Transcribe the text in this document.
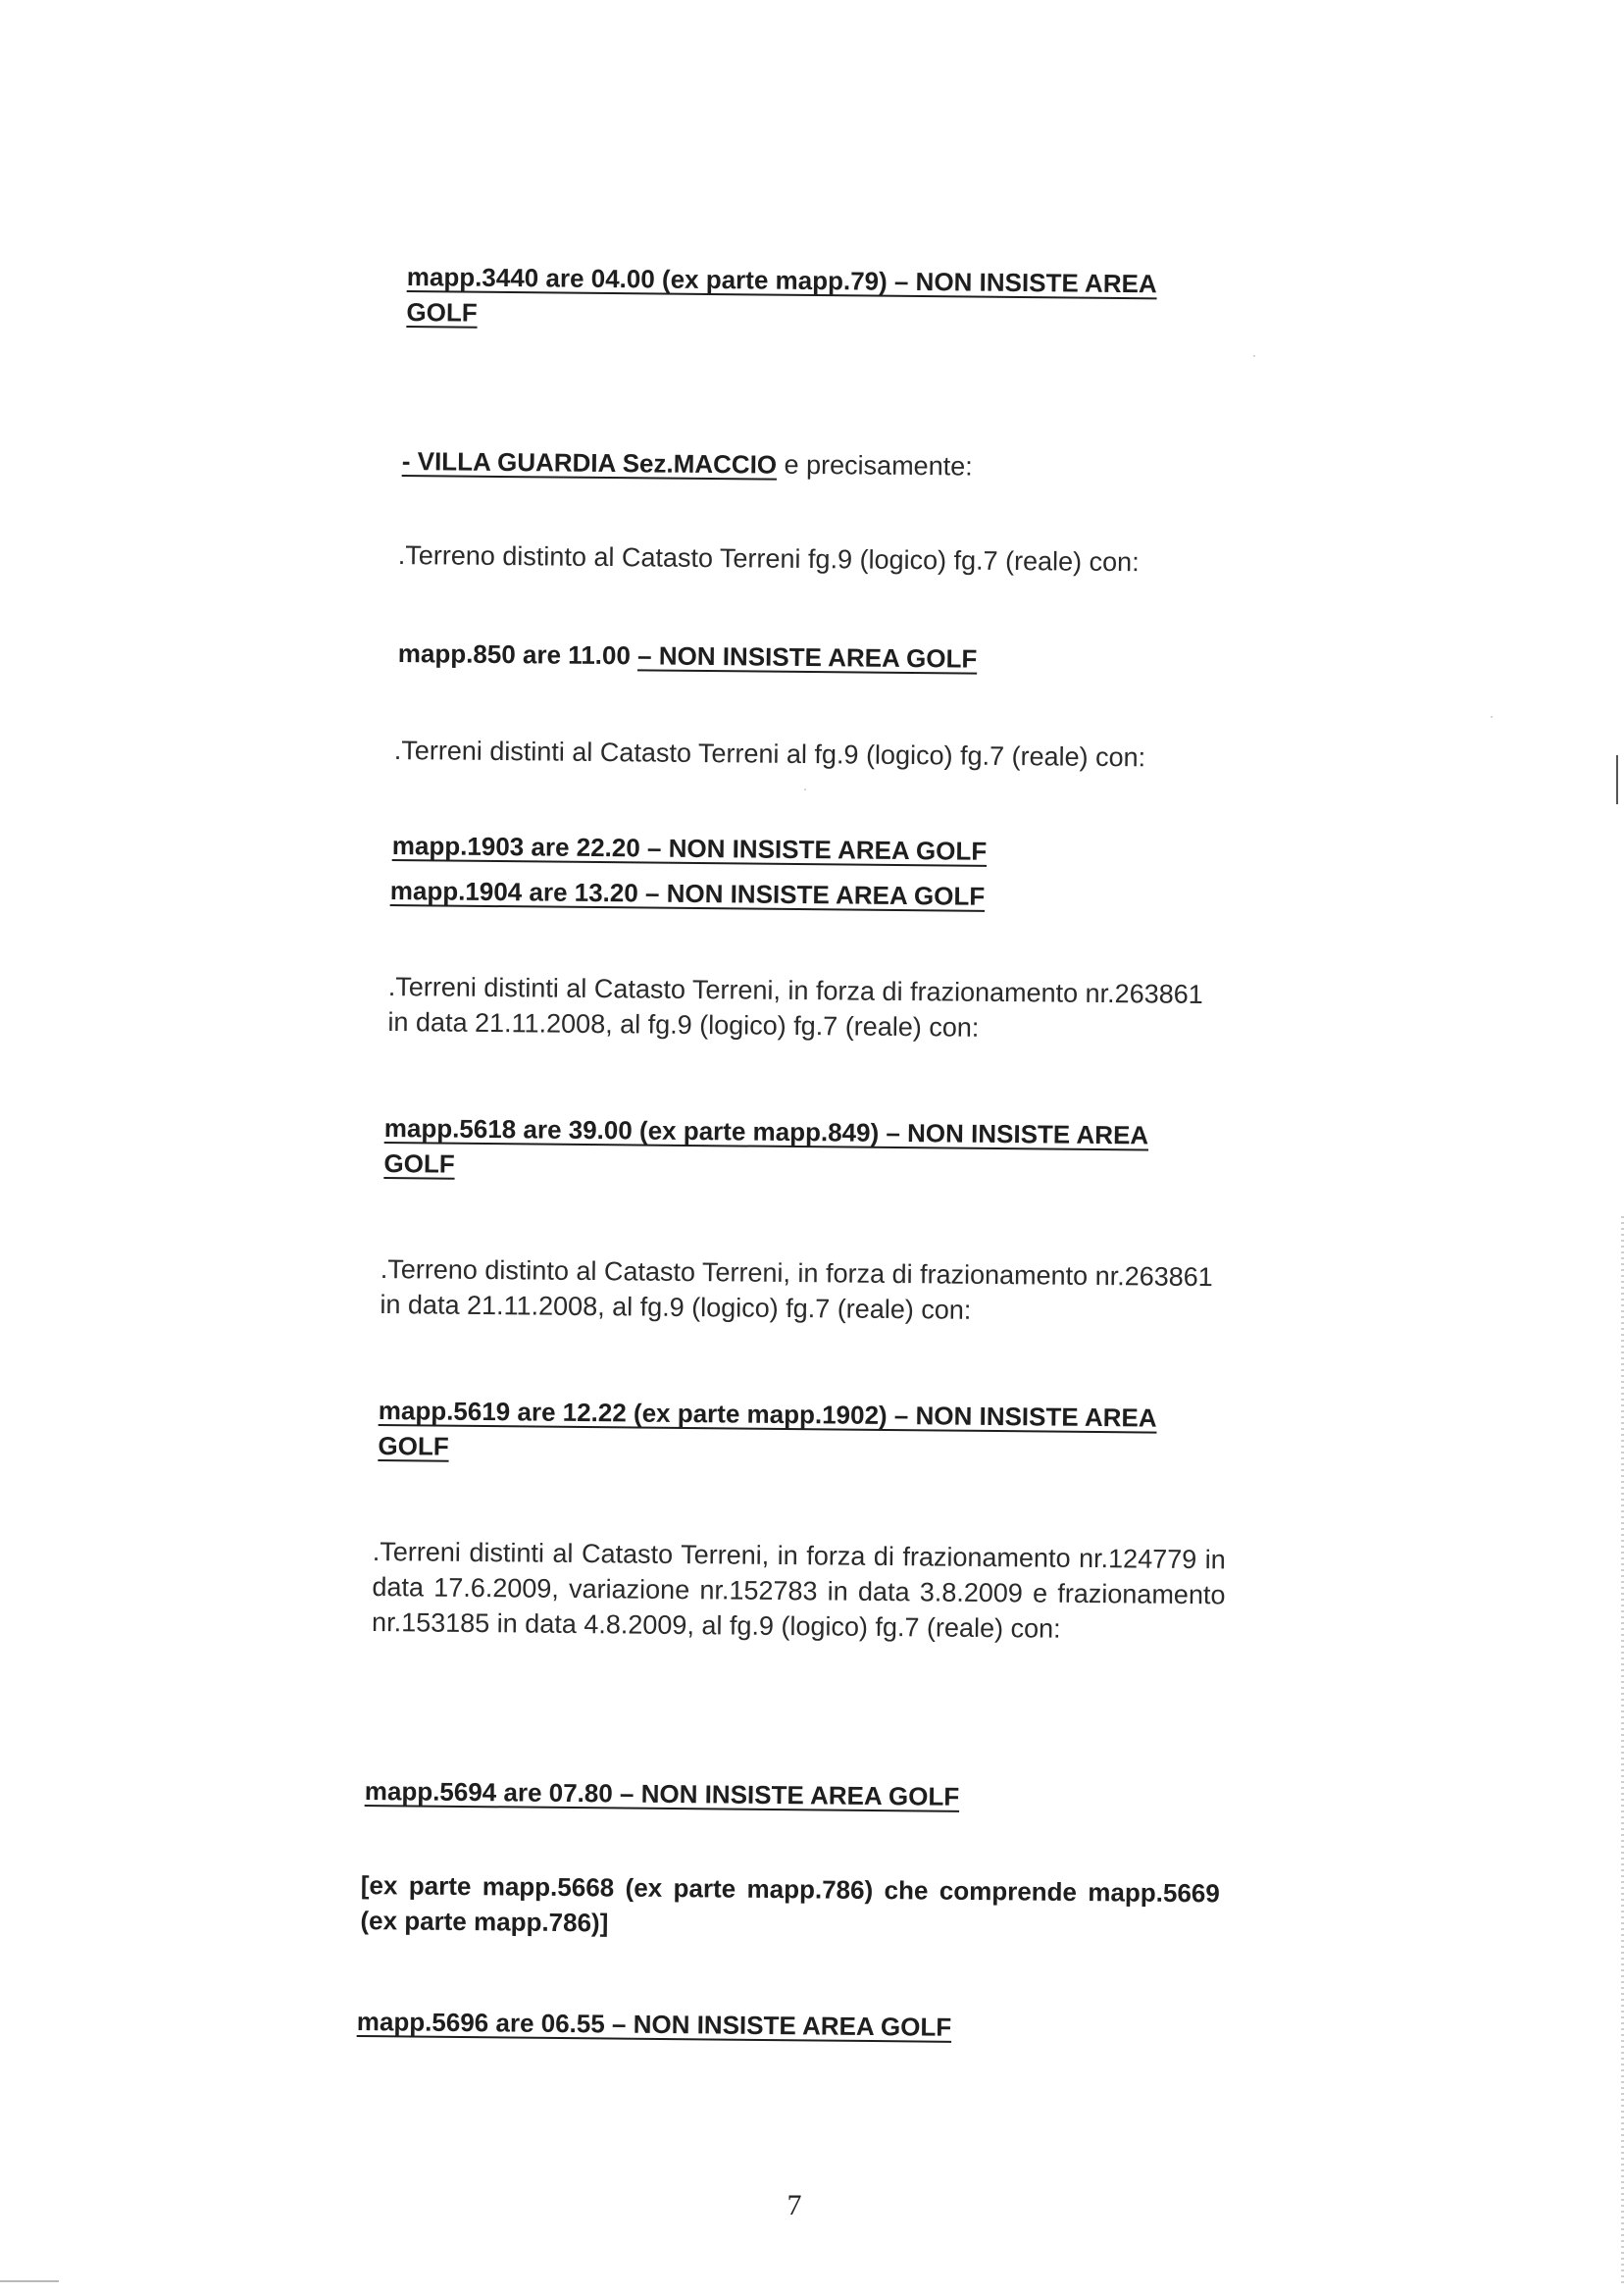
mapp.3440 are 04.00 (ex parte mapp.79) – NON INSISTE AREA
GOLF
- VILLA GUARDIA Sez.MACCIO e precisamente:
.Terreno distinto al Catasto Terreni fg.9 (logico) fg.7 (reale) con:
mapp.850 are 11.00 – NON INSISTE AREA GOLF
.Terreni distinti al Catasto Terreni al fg.9 (logico) fg.7 (reale) con:
mapp.1903 are 22.20 – NON INSISTE AREA GOLF
mapp.1904 are 13.20 – NON INSISTE AREA GOLF
.Terreni distinti al Catasto Terreni, in forza di frazionamento nr.263861
in data 21.11.2008, al fg.9 (logico) fg.7 (reale) con:
mapp.5618 are 39.00 (ex parte mapp.849) – NON INSISTE AREA
GOLF
.Terreno distinto al Catasto Terreni, in forza di frazionamento nr.263861
in data 21.11.2008, al fg.9 (logico) fg.7 (reale) con:
mapp.5619 are 12.22 (ex parte mapp.1902) – NON INSISTE AREA
GOLF
.Terreni distinti al Catasto Terreni, in forza di frazionamento nr.124779 in data 17.6.2009, variazione nr.152783 in data 3.8.2009 e frazionamento nr.153185 in data 4.8.2009, al fg.9 (logico) fg.7 (reale) con:
mapp.5694 are 07.80 – NON INSISTE AREA GOLF
[ex parte mapp.5668 (ex parte mapp.786) che comprende mapp.5669 (ex parte mapp.786)]
mapp.5696 are 06.55 – NON INSISTE AREA GOLF
7
